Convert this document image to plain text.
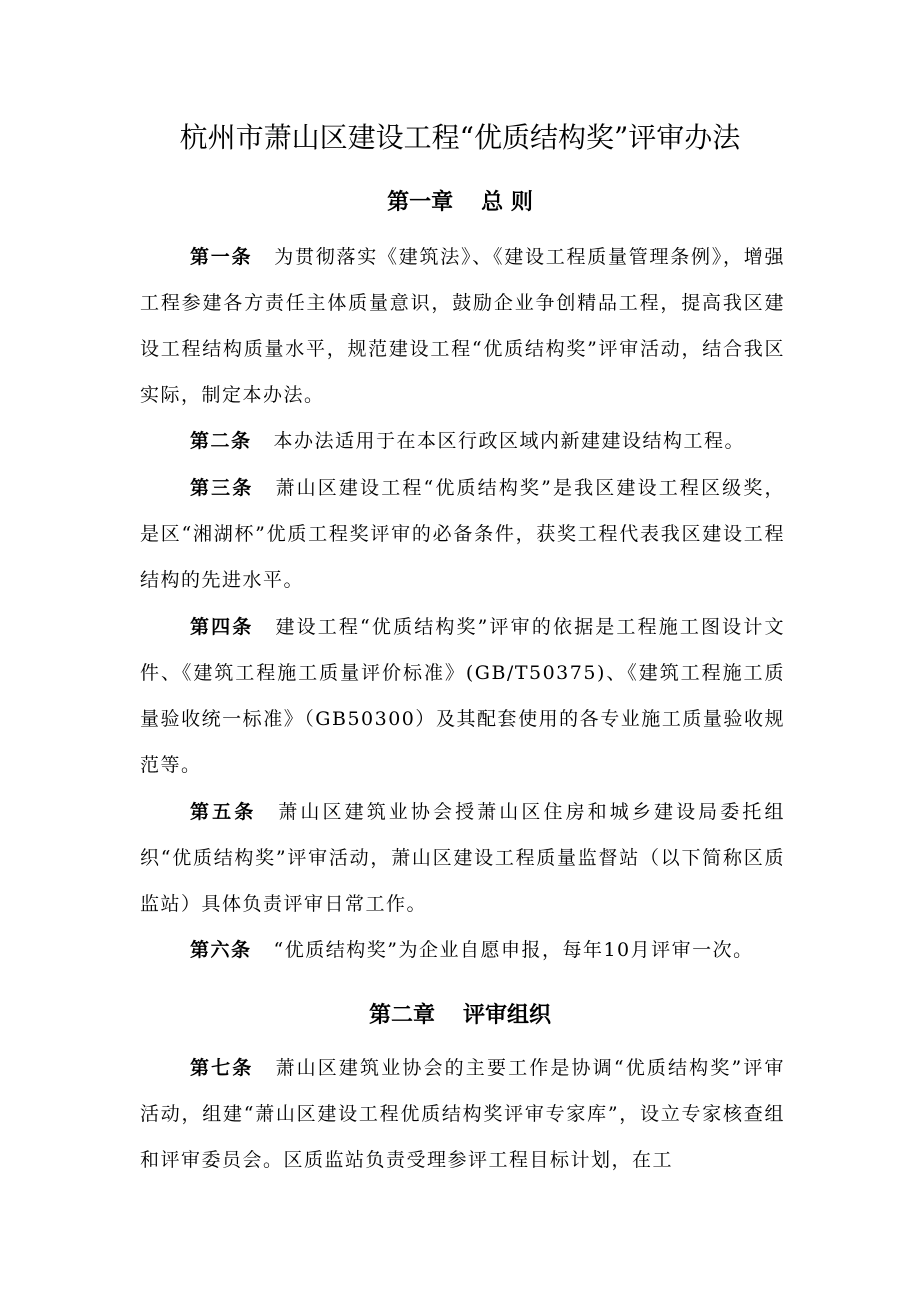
杭州市萧山区建设工程“优质结构奖”评审办法
第一章 总 则

第一条 为贯彻落实《建筑法》、《建设工程质量管理条例》，增强工程参建各方责任主体质量意识，鼓励企业争创精品工程，提高我区建设工程结构质量水平，规范建设工程“优质结构奖”评审活动，结合我区实际，制定本办法。

第二条 本办法适用于在本区行政区域内新建建设结构工程。

第三条 萧山区建设工程“优质结构奖”是我区建设工程区级奖，是区“湘湖杯”优质工程奖评审的必备条件，获奖工程代表我区建设工程结构的先进水平。

第四条 建设工程“优质结构奖”评审的依据是工程施工图设计文件、《建筑工程施工质量评价标准》(GB/T50375)、《建筑工程施工质量验收统一标准》（GB50300）及其配套使用的各专业施工质量验收规范等。

第五条 萧山区建筑业协会授萧山区住房和城乡建设局委托组织“优质结构奖”评审活动，萧山区建设工程质量监督站（以下简称区质监站）具体负责评审日常工作。

第六条 “优质结构奖”为企业自愿申报，每年10月评审一次。

第二章 评审组织

第七条 萧山区建筑业协会的主要工作是协调“优质结构奖”评审活动，组建“萧山区建设工程优质结构奖评审专家库”，设立专家核查组和评审委员会。区质监站负责受理参评工程目标计划，在工
